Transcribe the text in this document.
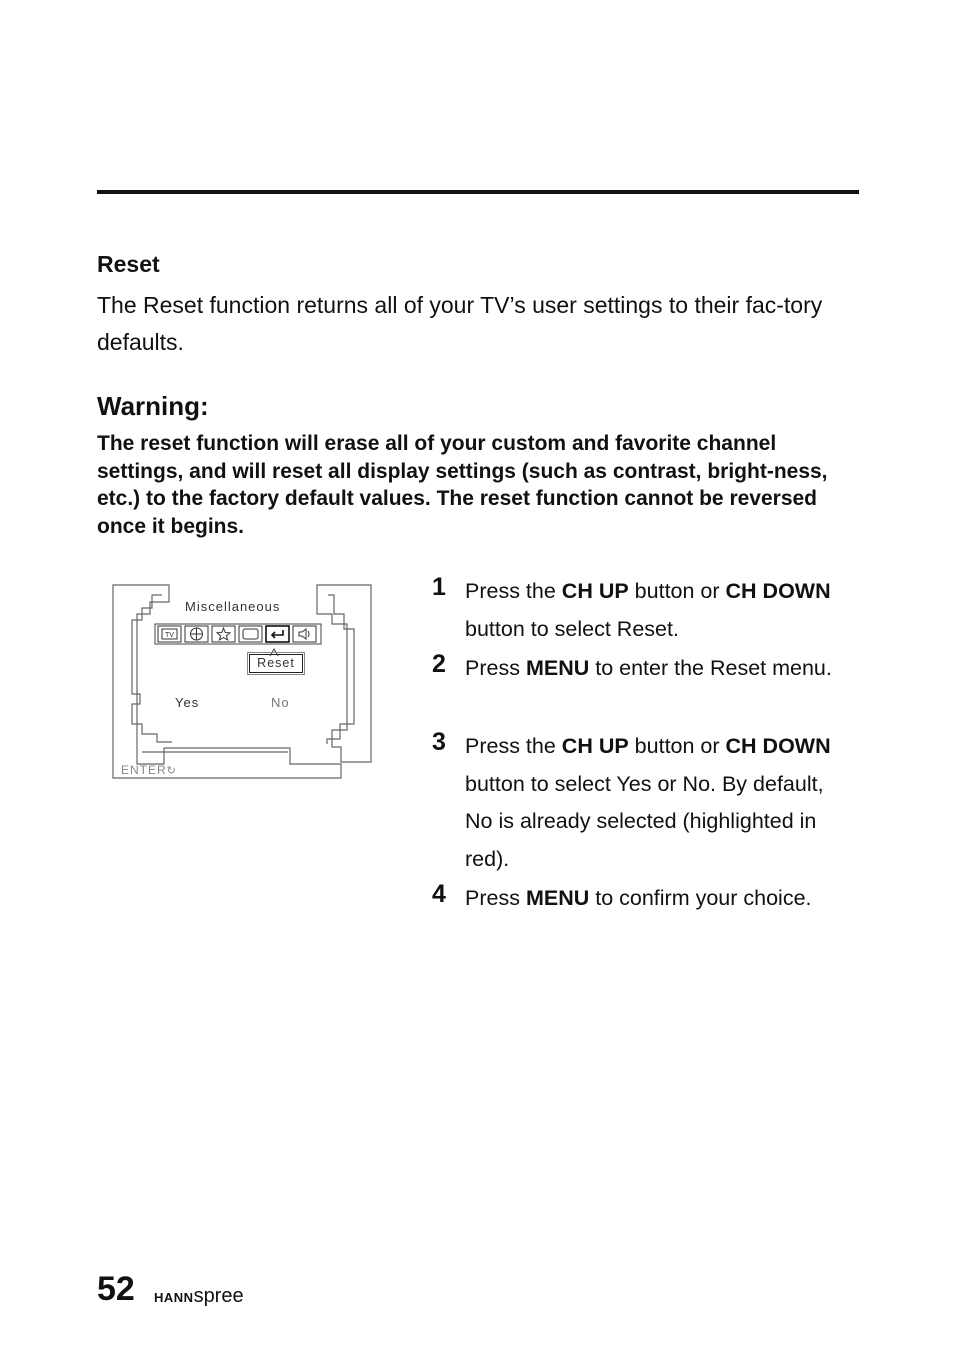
Reset
The Reset function returns all of your TV’s user settings to their fac-tory defaults.
Warning:
The reset function will erase all of your custom and favorite channel settings, and will reset all display settings (such as contrast, bright-ness, etc.) to the factory default values. The reset function cannot be reversed once it begins.
Miscellaneous
TV
Reset
Yes	No
ENTER↻
1 Press the CH UP button or CH DOWN button to select Reset.
2 Press MENU to enter the Reset menu.
3 Press the CH UP button or CH DOWN button to select Yes or No. By default, No is already selected (highlighted in red).
4 Press MENU to confirm your choice.
52 HANNspree
